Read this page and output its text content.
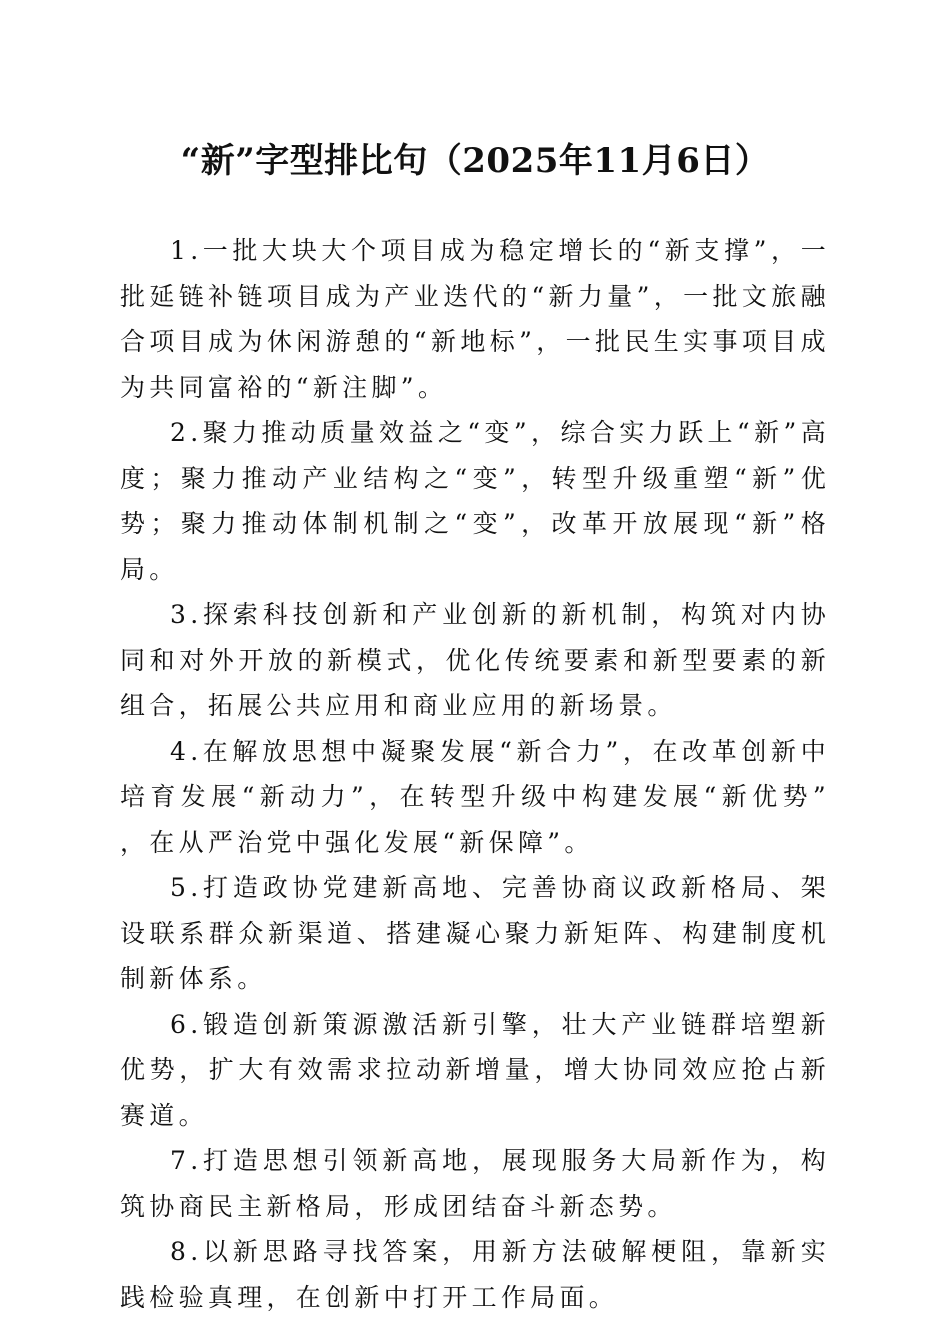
“新”字型排比句（2025年11月6日）

1.一批大块大个项目成为稳定增长的“新支撑”，一批延链补链项目成为产业迭代的“新力量”，一批文旅融合项目成为休闲游憩的“新地标”，一批民生实事项目成为共同富裕的“新注脚”。

2.聚力推动质量效益之“变”，综合实力跃上“新”高度；聚力推动产业结构之“变”，转型升级重塑“新”优势；聚力推动体制机制之“变”，改革开放展现“新”格局。

3.探索科技创新和产业创新的新机制，构筑对内协同和对外开放的新模式，优化传统要素和新型要素的新组合，拓展公共应用和商业应用的新场景。

4.在解放思想中凝聚发展“新合力”，在改革创新中培育发展“新动力”，在转型升级中构建发展“新优势”，在从严治党中强化发展“新保障”。

5.打造政协党建新高地、完善协商议政新格局、架设联系群众新渠道、搭建凝心聚力新矩阵、构建制度机制新体系。

6.锻造创新策源激活新引擎，壮大产业链群培塑新优势，扩大有效需求拉动新增量，增大协同效应抢占新赛道。

7.打造思想引领新高地，展现服务大局新作为，构筑协商民主新格局，形成团结奋斗新态势。

8.以新思路寻找答案，用新方法破解梗阻，靠新实践检验真理，在创新中打开工作局面。
